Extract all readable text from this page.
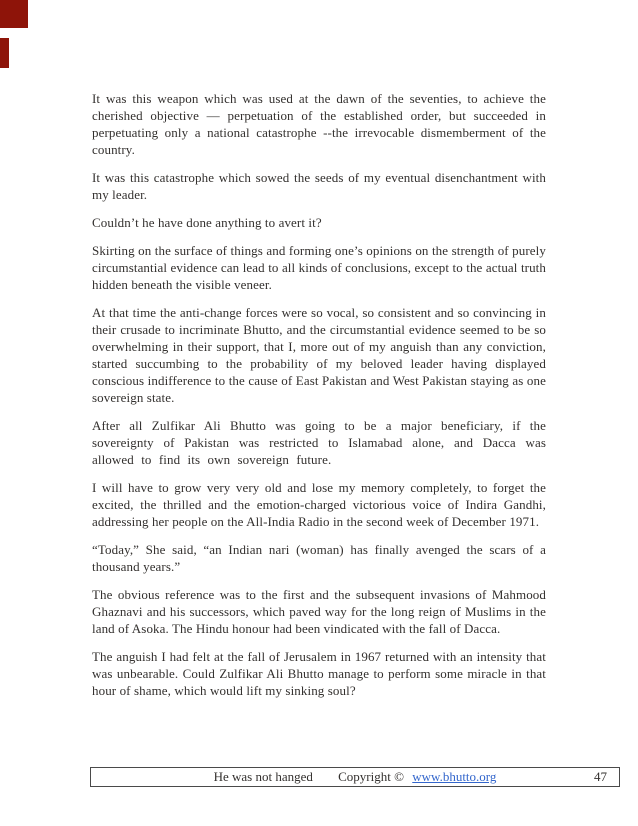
It was this weapon which was used at the dawn of the seventies, to achieve the cherished objective — perpetuation of the established order, but succeeded in perpetuating only a national catastrophe --the irrevocable dismemberment of the country.

It was this catastrophe which sowed the seeds of my eventual disenchantment with my leader.

Couldn’t he have done anything to avert it?

Skirting on the surface of things and forming one’s opinions on the strength of purely circumstantial evidence can lead to all kinds of conclusions, except to the actual truth hidden beneath the visible veneer.

At that time the anti-change forces were so vocal, so consistent and so convincing in their crusade to incriminate Bhutto, and the circumstantial evidence seemed to be so overwhelming in their support, that I, more out of my anguish than any conviction, started succumbing to the probability of my beloved leader having displayed conscious indifference to the cause of East Pakistan and West Pakistan staying as one sovereign state.

After all Zulfikar Ali Bhutto was going to be a major beneficiary, if the sovereignty of Pakistan was restricted to Islamabad alone, and Dacca was allowed to find its own sovereign future.

I will have to grow very very old and lose my memory completely, to forget the excited, the thrilled and the emotion-charged victorious voice of Indira Gandhi, addressing her people on the All-India Radio in the second week of December 1971.

“Today,” She said, “an Indian nari (woman) has finally avenged the scars of a thousand years.”

The obvious reference was to the first and the subsequent invasions of Mahmood Ghaznavi and his successors, which paved way for the long reign of Muslims in the land of Asoka. The Hindu honour had been vindicated with the fall of Dacca.

The anguish I had felt at the fall of Jerusalem in 1967 returned with an intensity that was unbearable. Could Zulfikar Ali Bhutto manage to perform some miracle in that hour of shame, which would lift my sinking soul?

He was not hanged Copyright © www.bhutto.org	47
